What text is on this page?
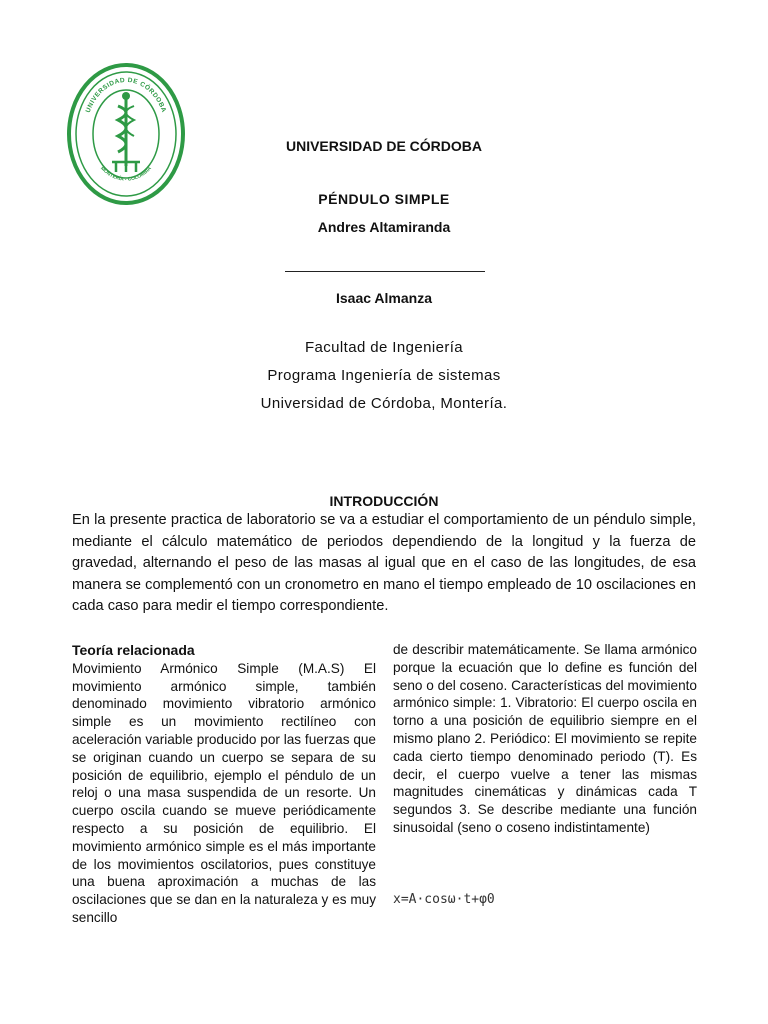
UNIVERSIDAD DE CÓRDOBA
MONTERÍA - COLOMBIA
UNIVERSIDAD DE CÓRDOBA
PÉNDULO SIMPLE
Andres Altamiranda
Isaac Almanza
Facultad de Ingeniería
Programa Ingeniería de sistemas
Universidad de Córdoba, Montería.
INTRODUCCIÓN
En la presente practica de laboratorio se va a estudiar el comportamiento de un péndulo simple, mediante el cálculo matemático de periodos dependiendo de la longitud y la fuerza de gravedad, alternando el peso de las masas al igual que en el caso de las longitudes, de esa manera se complementó con un cronometro en mano el tiempo empleado de 10 oscilaciones en cada caso para medir el tiempo correspondiente.
Teoría relacionada
Movimiento Armónico Simple (M.A.S) El movimiento armónico simple, también denominado movimiento vibratorio armónico simple es un movimiento rectilíneo con aceleración variable producido por las fuerzas que se originan cuando un cuerpo se separa de su posición de equilibrio, ejemplo el péndulo de un reloj o una masa suspendida de un resorte. Un cuerpo oscila cuando se mueve periódicamente respecto a su posición de equilibrio. El movimiento armónico simple es el más importante de los movimientos oscilatorios, pues constituye una buena aproximación a muchas de las oscilaciones que se dan en la naturaleza y es muy sencillo
de describir matemáticamente. Se llama armónico porque la ecuación que lo define es función del seno o del coseno. Características del movimiento armónico simple: 1. Vibratorio: El cuerpo oscila en torno a una posición de equilibrio siempre en el mismo plano 2. Periódico: El movimiento se repite cada cierto tiempo denominado periodo (T). Es decir, el cuerpo vuelve a tener las mismas magnitudes cinemáticas y dinámicas cada T segundos 3. Se describe mediante una función sinusoidal (seno o coseno indistintamente)
x=A·cosω·t+φ0
